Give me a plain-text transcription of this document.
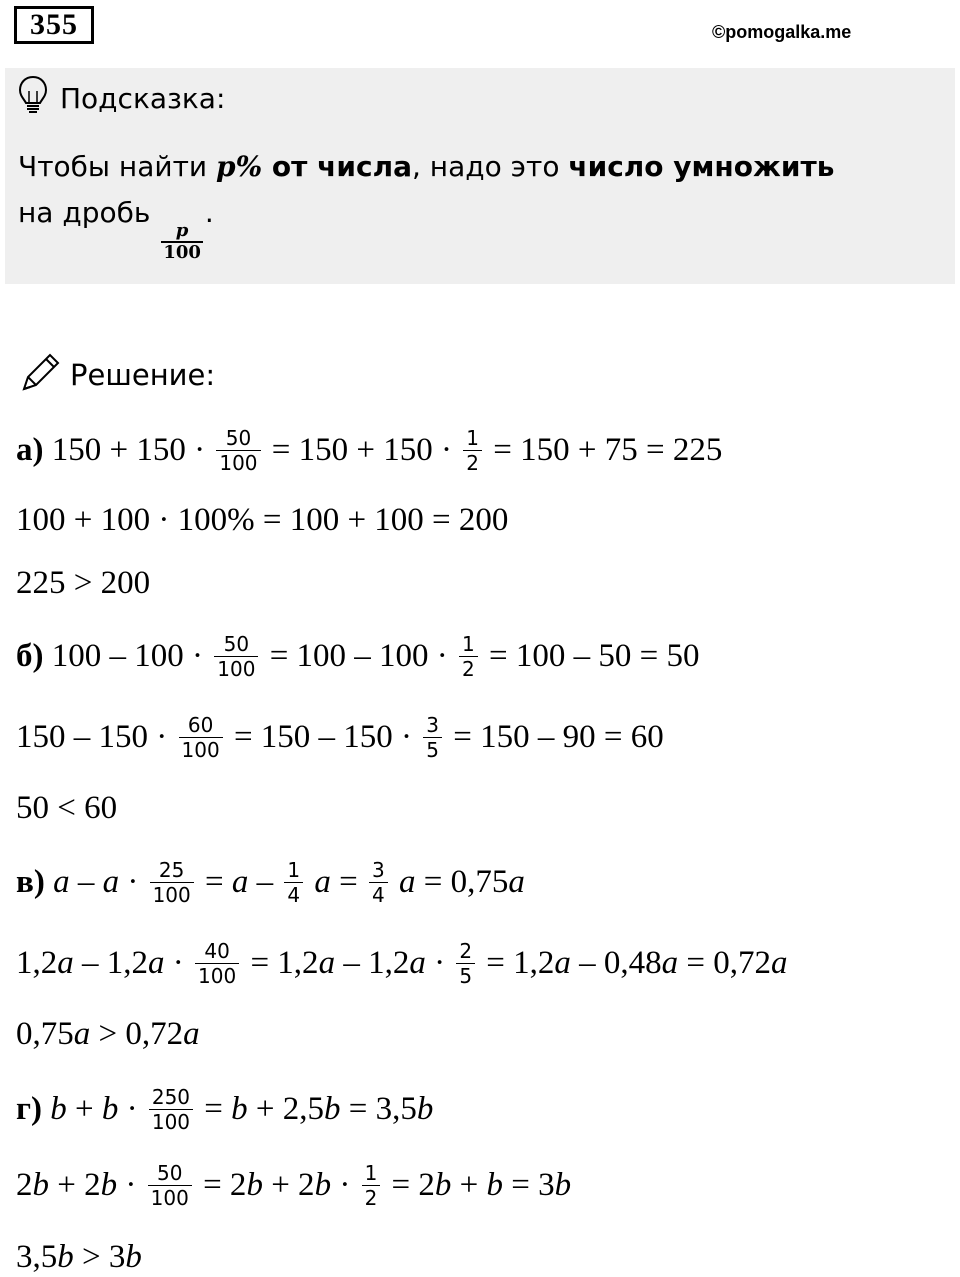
355	©pomogalka.me
Подсказка:
Чтобы найти p% от числа, надо это число умножить
на дробь
$\frac{p}{100}$
.
Решение:
а) $150 + 150 \cdot \frac{50}{100} = 150 + 150 \cdot \frac{1}{2} = 150 + 75 = 225$
100 + 100 · 100% = 100 + 100 = 200
225 > 200
б) $100 - 100 \cdot \frac{50}{100} = 100 - 100 \cdot \frac{1}{2} = 100 - 50 = 50$
$150 - 150 \cdot \frac{60}{100} = 150 - 150 \cdot \frac{3}{5} = 150 - 90 = 60$
50 < 60
в) $a - a \cdot \frac{25}{100} = a - \frac{1}{4}$ $a = \frac{3}{4}$ a = 0,75a
$1,2a - 1,2a \cdot \frac{40}{100} = 1,2a - 1,2a \cdot \frac{2}{5} = 1,2a - 0,48a = 0,72a$
0,75a > 0,72a
г) $b + b \cdot \frac{250}{100} = b + 2,5b = 3,5b$
$2b + 2b \cdot \frac{50}{100} = 2b + 2b \cdot \frac{1}{2} = 2b + b = 3b$
3,5b > 3b
